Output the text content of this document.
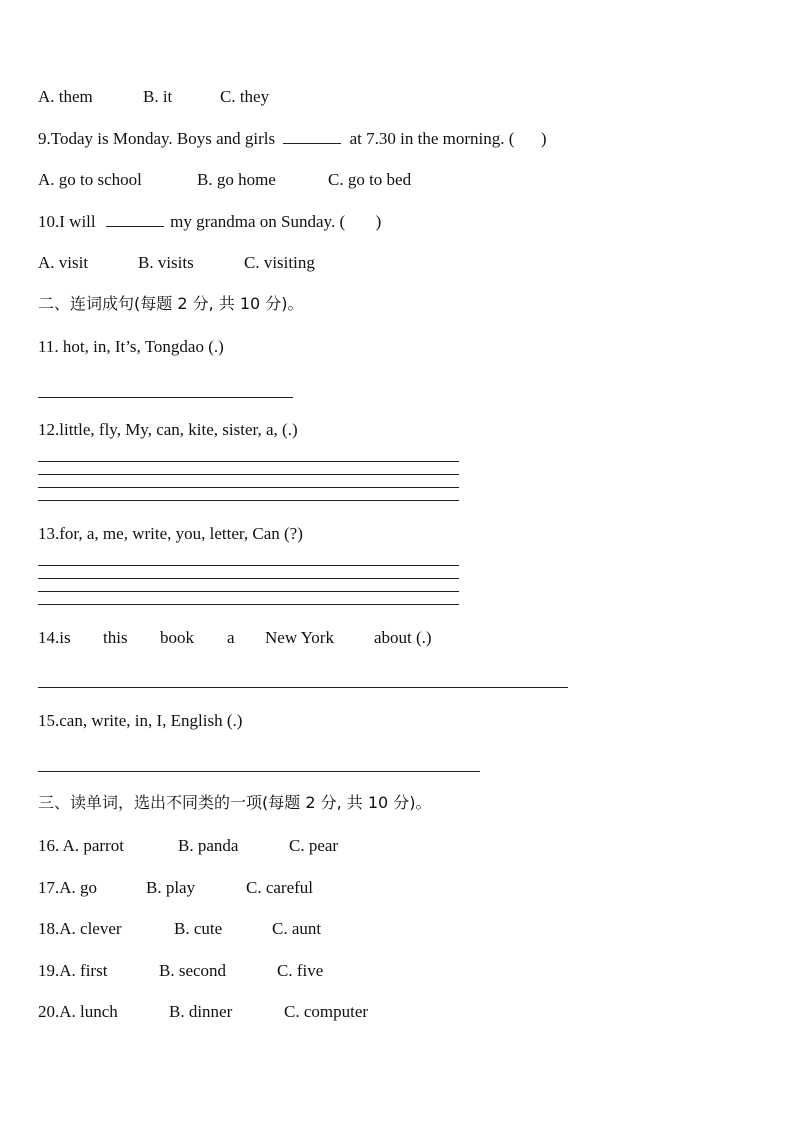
A. them	B. it	C. they
9.Today is Monday. Boys and girls	at 7.30 in the morning. ( )
A. go to school	B. go home	C. go to bed
10.I will	my grandma on Sunday. ( )
A. visit	B. visits	C. visiting
二、连词成句(每题 2 分, 共 10 分)。
11. hot, in, It’s, Tongdao (.)
12.little, fly, My, can, kite, sister, a, (.)
13.for, a, me, write, you, letter, Can (?)
14.is this book a New York about (.)
15.can, write, in, I, English (.)
三、读单词，选出不同类的一项(每题 2 分, 共 10 分)。
16. A. parrot	B. panda	C. pear
17.A. go	B. play	C. careful
18.A. clever	B. cute	C. aunt
19.A. first	B. second	C. five
20.A. lunch	B. dinner	C. computer
